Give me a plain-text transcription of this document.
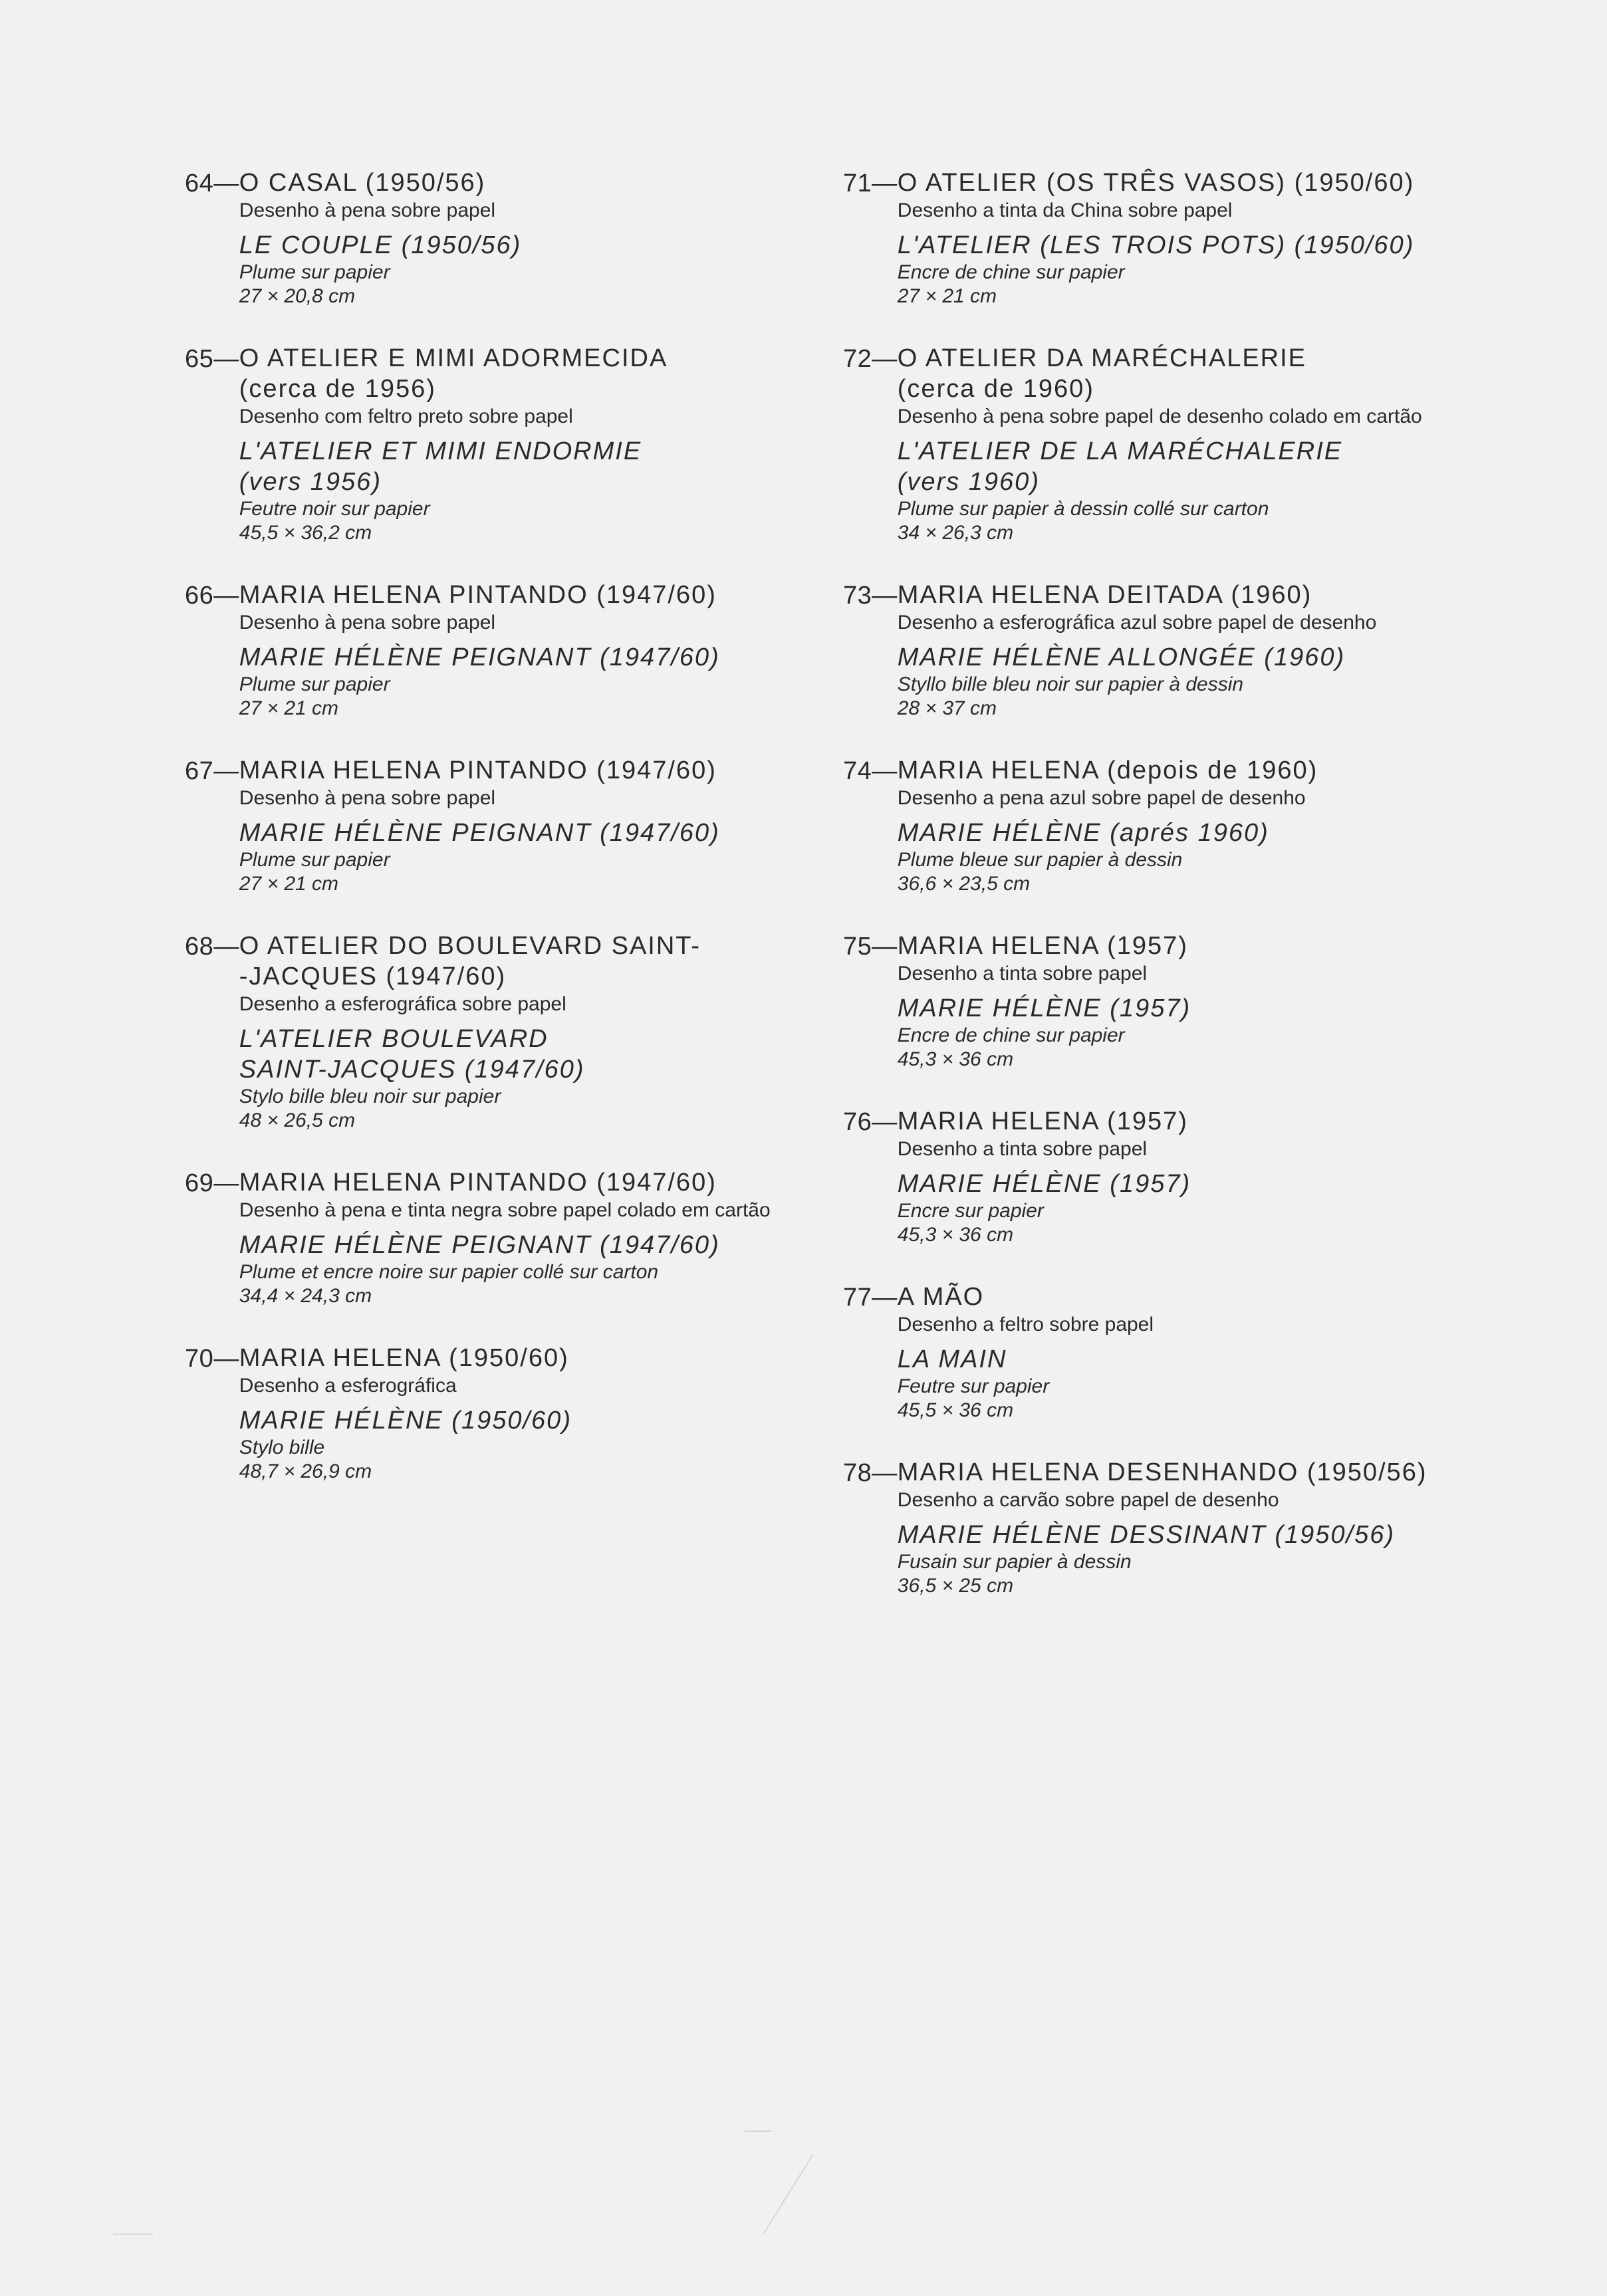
64— O CASAL (1950/56)
Desenho à pena sobre papel
LE COUPLE (1950/56)
Plume sur papier
27 × 20,8 cm
65— O ATELIER E MIMI ADORMECIDA
(cerca de 1956)
Desenho com feltro preto sobre papel
L'ATELIER ET MIMI ENDORMIE
(vers 1956)
Feutre noir sur papier
45,5 × 36,2 cm
66— MARIA HELENA PINTANDO (1947/60)
Desenho à pena sobre papel
MARIE HÉLÈNE PEIGNANT (1947/60)
Plume sur papier
27 × 21 cm
67— MARIA HELENA PINTANDO (1947/60)
Desenho à pena sobre papel
MARIE HÉLÈNE PEIGNANT (1947/60)
Plume sur papier
27 × 21 cm
68— O ATELIER DO BOULEVARD SAINT-
-JACQUES (1947/60)
Desenho a esferográfica sobre papel
L'ATELIER BOULEVARD
SAINT-JACQUES (1947/60)
Stylo bille bleu noir sur papier
48 × 26,5 cm
69— MARIA HELENA PINTANDO (1947/60)
Desenho à pena e tinta negra sobre papel colado em cartão
MARIE HÉLÈNE PEIGNANT (1947/60)
Plume et encre noire sur papier collé sur carton
34,4 × 24,3 cm
70— MARIA HELENA (1950/60)
Desenho a esferográfica
MARIE HÉLÈNE (1950/60)
Stylo bille
48,7 × 26,9 cm
71— O ATELIER (OS TRÊS VASOS) (1950/60)
Desenho a tinta da China sobre papel
L'ATELIER (LES TROIS POTS) (1950/60)
Encre de chine sur papier
27 × 21 cm
72— O ATELIER DA MARÉCHALERIE
(cerca de 1960)
Desenho à pena sobre papel de desenho colado em cartão
L'ATELIER DE LA MARÉCHALERIE
(vers 1960)
Plume sur papier à dessin collé sur carton
34 × 26,3 cm
73— MARIA HELENA DEITADA (1960)
Desenho a esferográfica azul sobre papel de desenho
MARIE HÉLÈNE ALLONGÉE (1960)
Styllo bille bleu noir sur papier à dessin
28 × 37 cm
74— MARIA HELENA (depois de 1960)
Desenho a pena azul sobre papel de desenho
MARIE HÉLÈNE (aprés 1960)
Plume bleue sur papier à dessin
36,6 × 23,5 cm
75— MARIA HELENA (1957)
Desenho a tinta sobre papel
MARIE HÉLÈNE (1957)
Encre de chine sur papier
45,3 × 36 cm
76— MARIA HELENA (1957)
Desenho a tinta sobre papel
MARIE HÉLÈNE (1957)
Encre sur papier
45,3 × 36 cm
77— A MÃO
Desenho a feltro sobre papel
LA MAIN
Feutre sur papier
45,5 × 36 cm
78— MARIA HELENA DESENHANDO (1950/56)
Desenho a carvão sobre papel de desenho
MARIE HÉLÈNE DESSINANT (1950/56)
Fusain sur papier à dessin
36,5 × 25 cm
